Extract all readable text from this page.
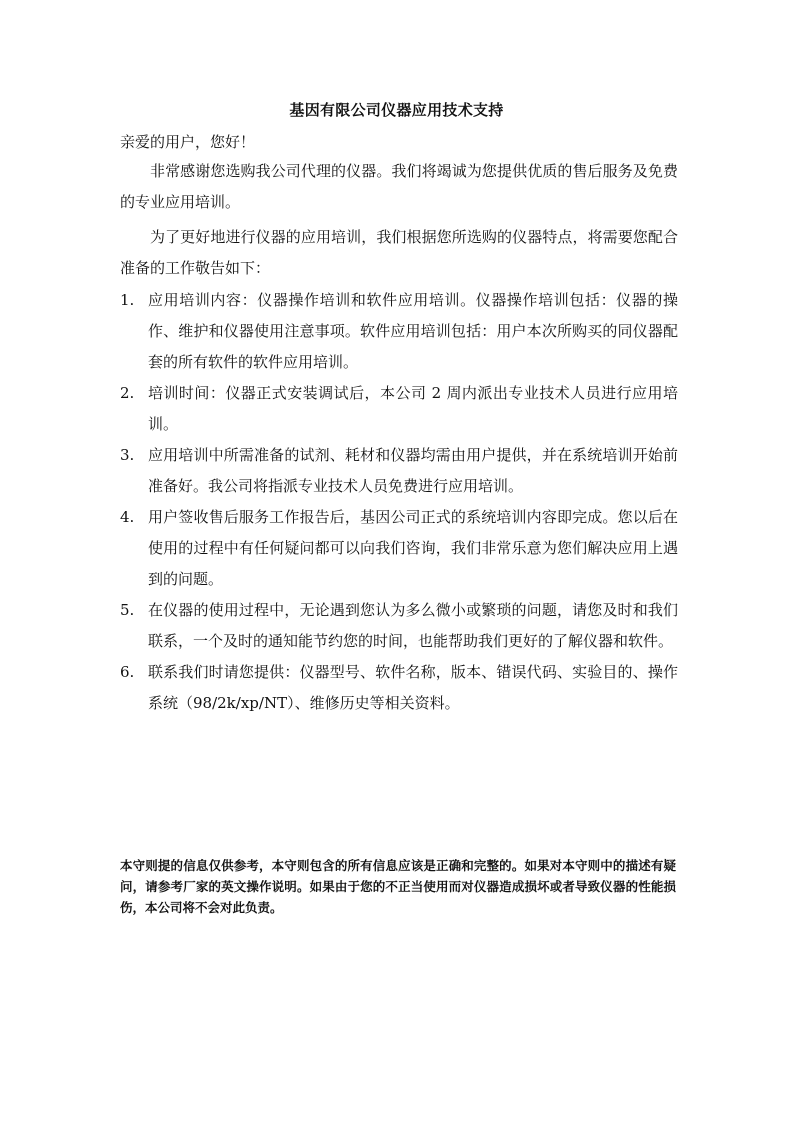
基因有限公司仪器应用技术支持
亲爱的用户，您好！
非常感谢您选购我公司代理的仪器。我们将竭诚为您提供优质的售后服务及免费的专业应用培训。
为了更好地进行仪器的应用培训，我们根据您所选购的仪器特点，将需要您配合准备的工作敬告如下：
1. 应用培训内容：仪器操作培训和软件应用培训。仪器操作培训包括：仪器的操作、维护和仪器使用注意事项。软件应用培训包括：用户本次所购买的同仪器配套的所有软件的软件应用培训。
2. 培训时间：仪器正式安装调试后，本公司 2 周内派出专业技术人员进行应用培训。
3. 应用培训中所需准备的试剂、耗材和仪器均需由用户提供，并在系统培训开始前准备好。我公司将指派专业技术人员免费进行应用培训。
4. 用户签收售后服务工作报告后，基因公司正式的系统培训内容即完成。您以后在使用的过程中有任何疑问都可以向我们咨询，我们非常乐意为您们解决应用上遇到的问题。
5. 在仪器的使用过程中，无论遇到您认为多么微小或繁琐的问题，请您及时和我们联系，一个及时的通知能节约您的时间，也能帮助我们更好的了解仪器和软件。
6. 联系我们时请您提供：仪器型号、软件名称，版本、错误代码、实验目的、操作系统（98/2k/xp/NT）、维修历史等相关资料。
本守则提的信息仅供参考，本守则包含的所有信息应该是正确和完整的。如果对本守则中的描述有疑问，请参考厂家的英文操作说明。如果由于您的不正当使用而对仪器造成损坏或者导致仪器的性能损伤，本公司将不会对此负责。
